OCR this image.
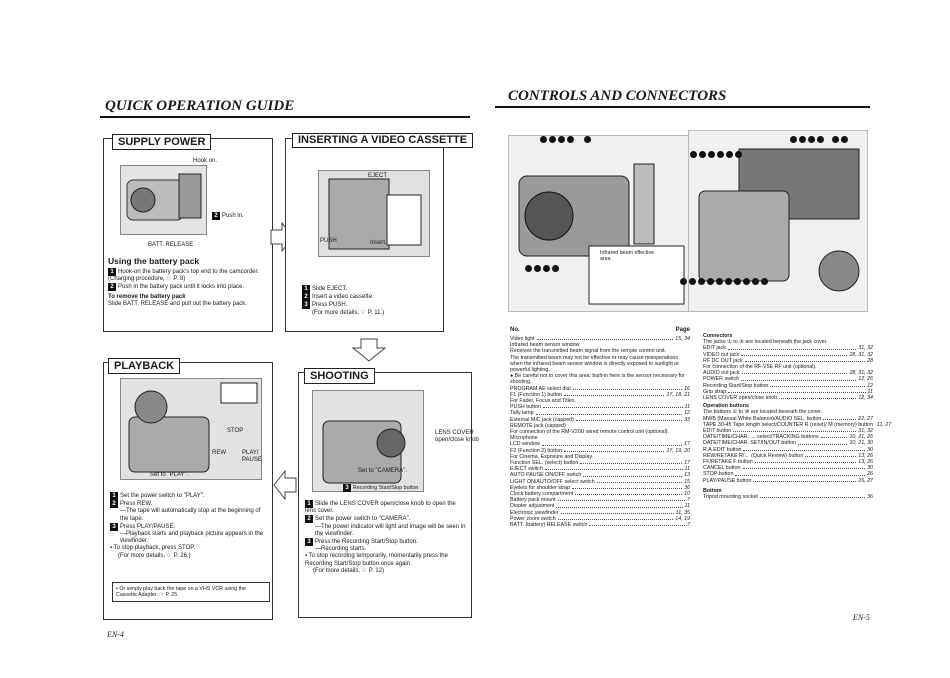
QUICK OPERATION GUIDE
CONTROLS AND CONNECTORS
SUPPLY POWER
Hook on.
2 Push in.
BATT. RELEASE
Using the battery pack
1 Hook-on the battery pack's top end to the camcorder. (Charging procedure, ☞ P. 8)
2 Push in the battery pack until it locks into place.
To remove the battery pack
Slide BATT. RELEASE and pull out the battery pack.
INSERTING A VIDEO CASSETTE
EJECT
PUSH	Insert.
1 Slide EJECT.
2 Insert a video cassette.
3 Press PUSH.
(For more details, ☞ P. 11.)
PLAYBACK
STOP
REW	PLAY/ PAUSE
Set to "PLAY".
1 Set the power switch to "PLAY".
2 Press REW.
—The tape will automatically stop at the beginning of the tape.
3 Press PLAY/PAUSE.
—Playback starts and playback picture appears in the viewfinder.
▪ To stop playback, press STOP.
(For more details, ☞ P. 26.)
▪ Or simply play back the tape on a VHS VCR using the Cassette Adapter. ☞ P. 25
SHOOTING
LENS COVER open/close knob
Set to "CAMERA".
3 Recording Start/Stop button
1 Slide the LENS COVER open/close knob to open the lens cover.
2 Set the power switch to "CAMERA".
—The power indicator will light and image will be seen in the viewfinder.
3 Press the Recording Start/Stop button.
—Recording starts.
▪ To stop recording temporarily, momentarily press the Recording Start/Stop button once again.
(For more details, ☞ P. 12)
Infrared beam effective area
No.	Page
Video light	15, 34
Infrared beam sensor window
Receives the transmitted beam signal from the remote control unit.
The transmitted beam may not be effective or may cause misoperations when the infrared beam sensor window is directly exposed to sunlight or powerful lighting.
● Be careful not to cover this area; built-in here is the sensor necessary for shooting.
PROGRAM AE select dial	16
F1 (Function 1) button	17, 18, 21
For Fader, Focus and Titles.
PUSH button	11
Tally lamp	12
External MIC jack (capped)	33
REMOTE jack (capped)
For connection of the RM-V20U wired remote control unit (optional).
Microphone
LCD window	17
F2 (Function 2) button	17, 19, 20
For Cinema, Exposure and Display.
Function SEL. (select) button	17
EJECT switch	11
AUTO PAUSE ON/OFF switch	13
LIGHT ON/AUTO/OFF select switch	15
Eyelets for shoulder strap	36
Clock battery compartment	10
Battery pack mount	7
Diopter adjustment	11
Electronic viewfinder	11, 35
Power zoom switch	14, 19
BATT. (battery) RELEASE switch	7
Connectors
The jacks ① to ④ are located beneath the jack cover.
EDIT jack	31, 32
VIDEO out jack	28, 31, 32
RF DC OUT jack	28
For connection of the RF-V5E RF unit (optional).
AUDIO out jack	28, 31, 32
POWER switch	12, 26
Recording Start/Stop button	12
Grip strap	11
LENS COVER open/close knob	12, 34
Operation buttons
The buttons ① to ⑩ are located beneath the cover.
MWB (Manual White Balance)/AUDIO SEL. button	22, 27
TAPE 30-45 Tape length select/COUNTER R (reset)/ M (memory) button 11, 27
EDIT button	31, 32
DATE/TIME/CHAR. → select/TRACKING buttons	10, 21, 26
DATE/TIME/CHAR. SET/IN/OUT button	10, 21, 30
R.A.EDIT button	30
REW/RETAKE R/← (Quick Review) button	13, 26
FF/RETAKE F button	13, 26
CANCEL button	30
STOP button	26
PLAY/PAUSE button	26, 27
Bottom
Tripod mounting socket	36
EN-4
EN-5
